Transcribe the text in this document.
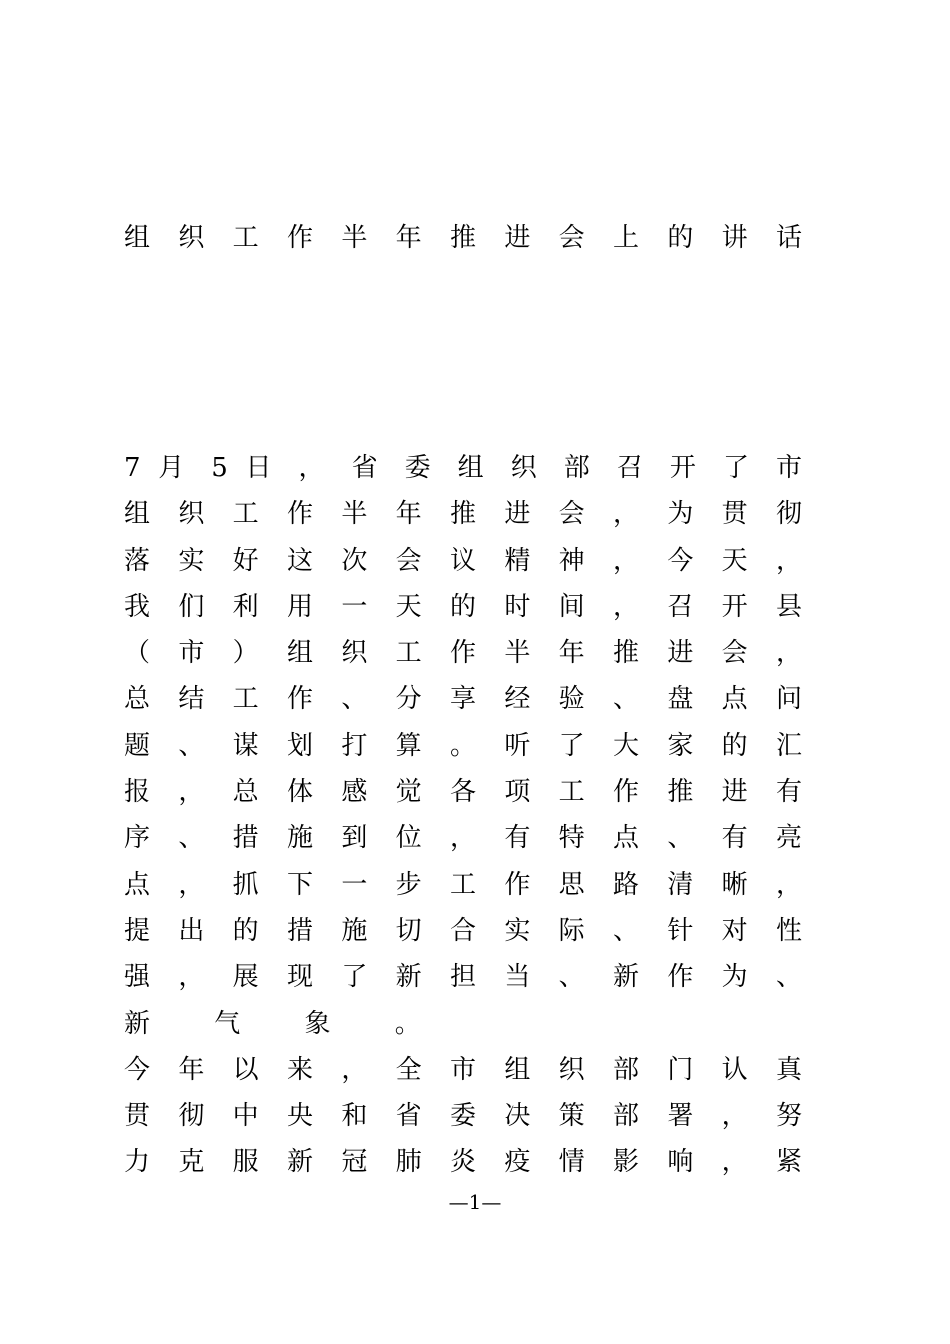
组 织 工 作 半 年 推 进 会 上 的 讲 话
7 月 5 日 ， 省 委 组 织 部 召 开 了 市
组 织 工 作 半 年 推 进 会 ， 为 贯 彻
落 实 好 这 次 会 议 精 神 ， 今 天 ，
我 们 利 用 一 天 的 时 间 ， 召 开 县
（ 市 ） 组 织 工 作 半 年 推 进 会 ，
总 结 工 作 、 分 享 经 验 、 盘 点 问
题 、 谋 划 打 算 。 听 了 大 家 的 汇
报 ， 总 体 感 觉 各 项 工 作 推 进 有
序 、 措 施 到 位 ， 有 特 点 、 有 亮
点 ， 抓 下 一 步 工 作 思 路 清 晰 ，
提 出 的 措 施 切 合 实 际 、 针 对 性
强 ， 展 现 了 新 担 当 、 新 作 为 、
新 气 象 。
今 年 以 来 ， 全 市 组 织 部 门 认 真
贯 彻 中 央 和 省 委 决 策 部 署 ， 努
力 克 服 新 冠 肺 炎 疫 情 影 响 ， 紧
—1—
